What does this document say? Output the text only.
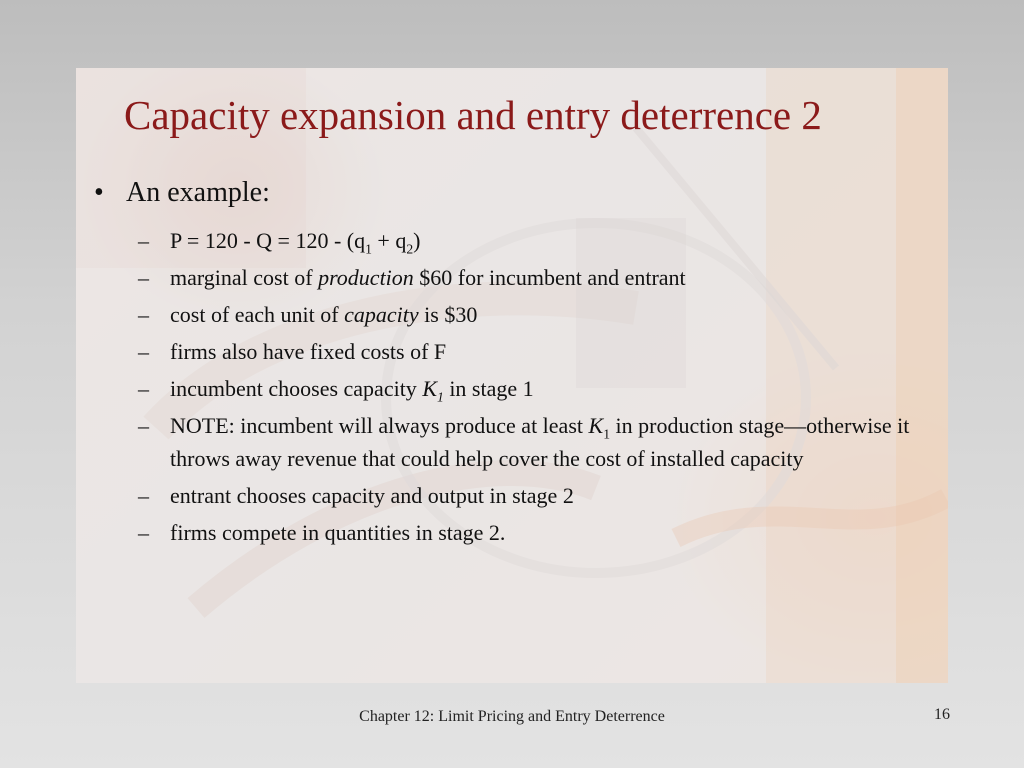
Capacity expansion and entry deterrence 2
• An example:
– $P = 120 - Q = 120 - (q_1 + q_2)$
– marginal cost of production $60 for incumbent and entrant
– cost of each unit of capacity is $30
– firms also have fixed costs of F
– incumbent chooses capacity $K_1$ in stage 1
– NOTE: incumbent will always produce at least $K_1$ in production stage—otherwise it throws away revenue that could help cover the cost of installed capacity
– entrant chooses capacity and output in stage 2
– firms compete in quantities in stage 2.
Chapter 12: Limit Pricing and Entry Deterrence	16
